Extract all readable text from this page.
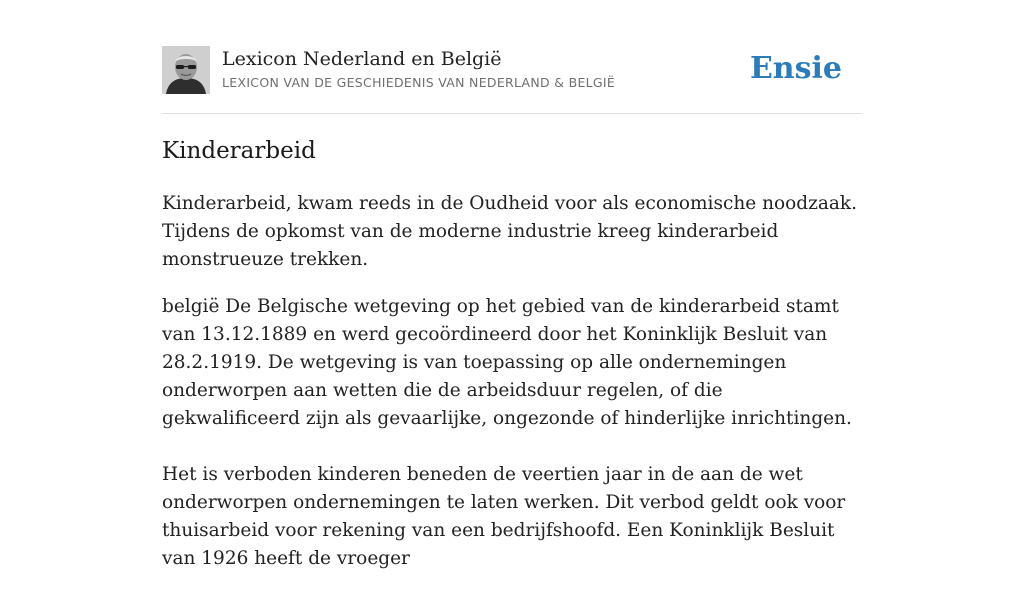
Lexicon Nederland en België
LEXICON VAN DE GESCHIEDENIS VAN NEDERLAND & BELGIË	Ensie
Kinderarbeid

Kinderarbeid, kwam reeds in de Oudheid voor als economische noodzaak. Tijdens de opkomst van de moderne industrie kreeg kinderarbeid monstrueuze trekken.

belgië De Belgische wetgeving op het gebied van de kinderarbeid stamt van 13.12.1889 en werd gecoördineerd door het Koninklijk Besluit van 28.2.1919. De wetgeving is van toepassing op alle ondernemingen onderworpen aan wetten die de arbeidsduur regelen, of die gekwalificeerd zijn als gevaarlijke, ongezonde of hinderlijke inrichtingen.

Het is verboden kinderen beneden de veertien jaar in de aan de wet onderworpen ondernemingen te laten werken. Dit verbod geldt ook voor thuisarbeid voor rekening van een bedrijfshoofd. Een Koninklijk Besluit van 1926 heeft de vroeger
